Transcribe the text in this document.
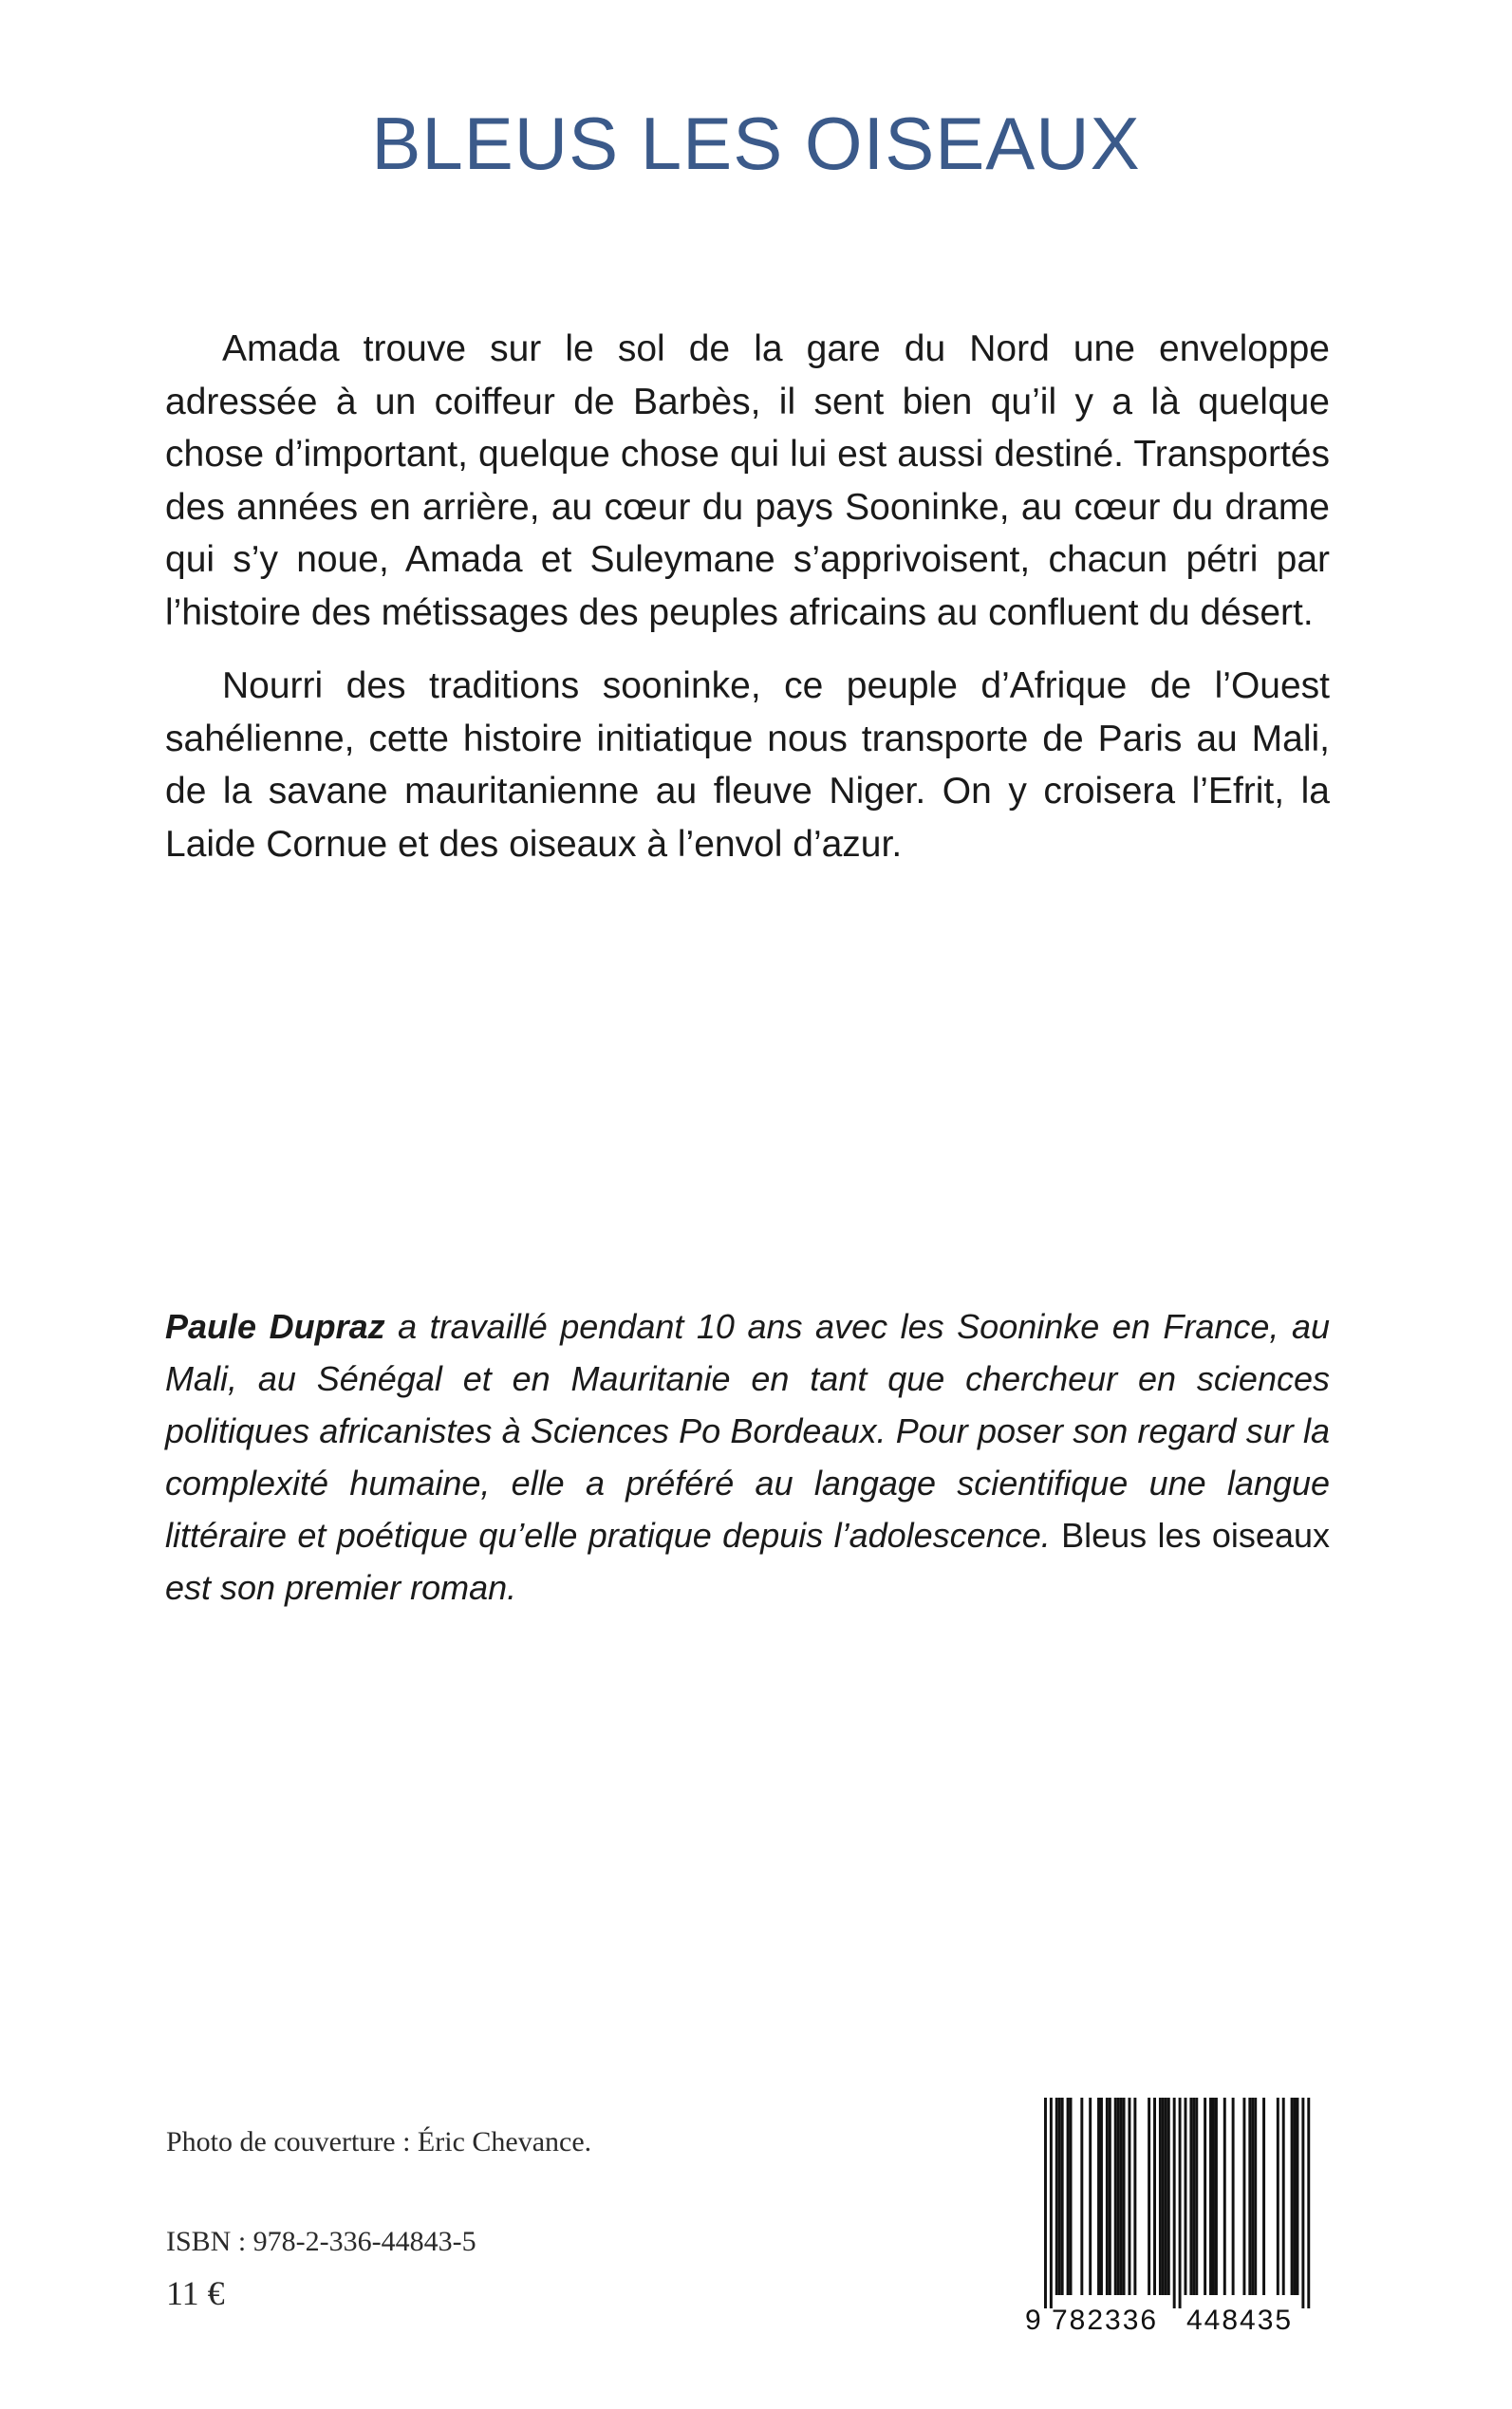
BLEUS LES OISEAUX

Amada trouve sur le sol de la gare du Nord une enveloppe adressée à un coiffeur de Barbès, il sent bien qu’il y a là quelque chose d’important, quelque chose qui lui est aussi destiné. Transportés des années en arrière, au cœur du pays Sooninke, au cœur du drame qui s’y noue, Amada et Suleymane s’apprivoisent, chacun pétri par l’histoire des métissages des peuples africains au confluent du désert.

Nourri des traditions sooninke, ce peuple d’Afrique de l’Ouest sahélienne, cette histoire initiatique nous transporte de Paris au Mali, de la savane mauritanienne au fleuve Niger. On y croisera l’Efrit, la Laide Cornue et des oiseaux à l’envol d’azur.

Paule Dupraz a travaillé pendant 10 ans avec les Sooninke en France, au Mali, au Sénégal et en Mauritanie en tant que chercheur en sciences politiques africanistes à Sciences Po Bordeaux. Pour poser son regard sur la complexité humaine, elle a préféré au langage scientifique une langue littéraire et poétique qu’elle pratique depuis l’adolescence. Bleus les oiseaux est son premier roman.

Photo de couverture : Éric Chevance.

ISBN : 978-2-336-44843-5

11 €

9 782336 448435
